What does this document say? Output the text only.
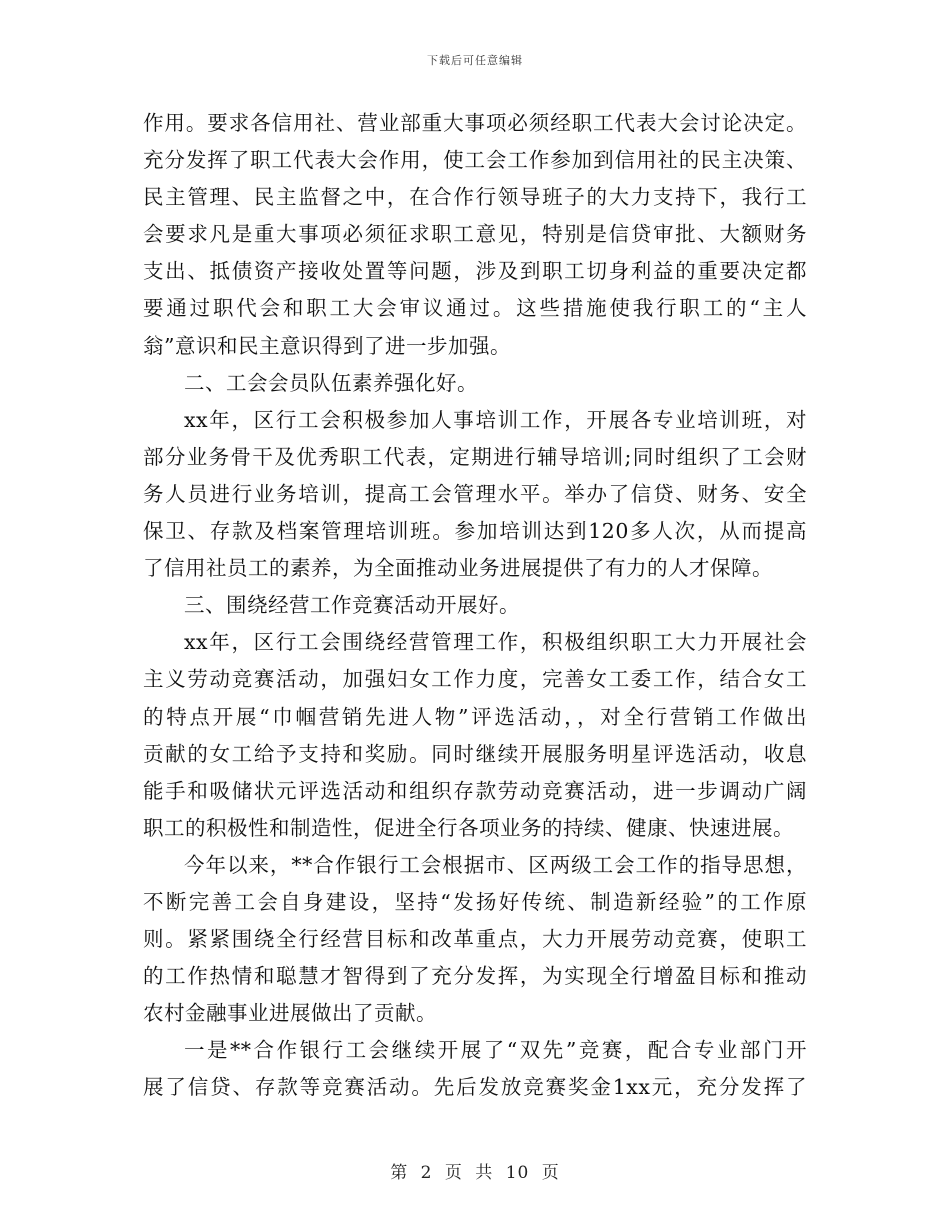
下载后可任意编辑
作用。要求各信用社、营业部重大事项必须经职工代表大会讨论决定。
充分发挥了职工代表大会作用，使工会工作参加到信用社的民主决策、
民主管理、民主监督之中，在合作行领导班子的大力支持下，我行工
会要求凡是重大事项必须征求职工意见，特别是信贷审批、大额财务
支出、抵债资产接收处置等问题，涉及到职工切身利益的重要决定都
要通过职代会和职工大会审议通过。这些措施使我行职工的“主人
翁”意识和民主意识得到了进一步加强。
二、工会会员队伍素养强化好。
xx年，区行工会积极参加人事培训工作，开展各专业培训班，对
部分业务骨干及优秀职工代表，定期进行辅导培训;同时组织了工会财
务人员进行业务培训，提高工会管理水平。举办了信贷、财务、安全
保卫、存款及档案管理培训班。参加培训达到120多人次，从而提高
了信用社员工的素养，为全面推动业务进展提供了有力的人才保障。
三、围绕经营工作竞赛活动开展好。
xx年，区行工会围绕经营管理工作，积极组织职工大力开展社会
主义劳动竞赛活动，加强妇女工作力度，完善女工委工作，结合女工
的特点开展“巾帼营销先进人物”评选活动，，对全行营销工作做出
贡献的女工给予支持和奖励。同时继续开展服务明星评选活动，收息
能手和吸储状元评选活动和组织存款劳动竞赛活动，进一步调动广阔
职工的积极性和制造性，促进全行各项业务的持续、健康、快速进展。
今年以来，**合作银行工会根据市、区两级工会工作的指导思想，
不断完善工会自身建设，坚持“发扬好传统、制造新经验”的工作原
则。紧紧围绕全行经营目标和改革重点，大力开展劳动竞赛，使职工
的工作热情和聪慧才智得到了充分发挥，为实现全行增盈目标和推动
农村金融事业进展做出了贡献。
一是**合作银行工会继续开展了“双先”竞赛，配合专业部门开
展了信贷、存款等竞赛活动。先后发放竞赛奖金1xx元，充分发挥了
第 2 页 共 10 页
